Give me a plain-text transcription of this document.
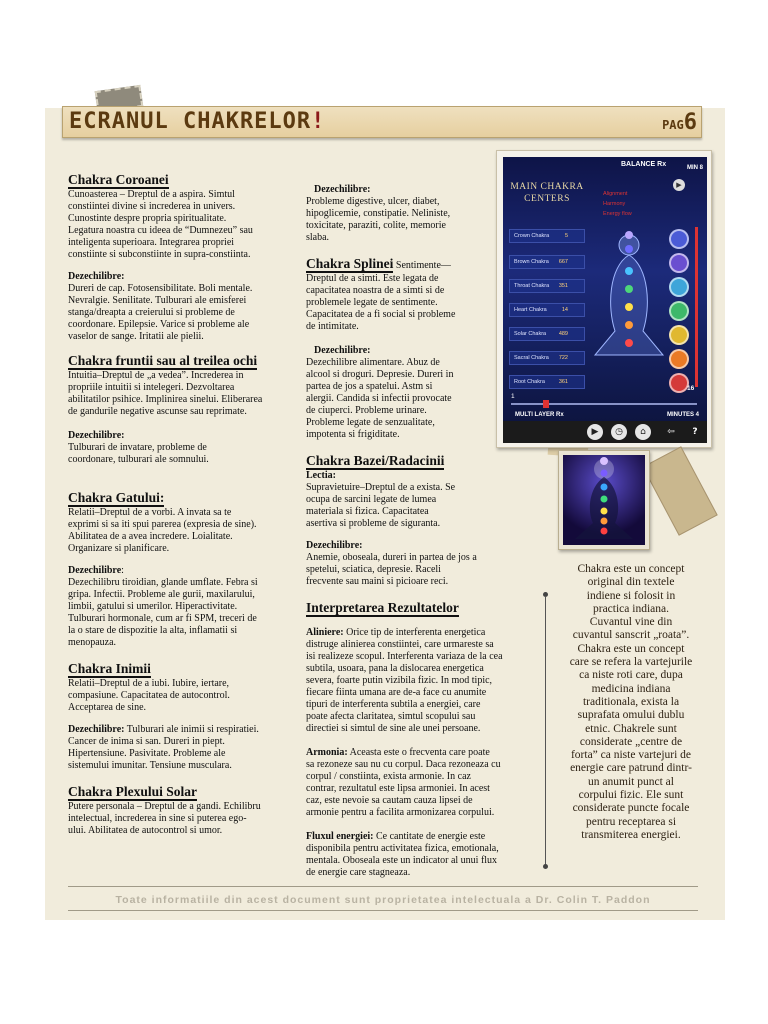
ECRANUL CHAKRELOR!	PAG6
Chakra Coroanei
Cunoasterea – Dreptul de a aspira. Simtul
constiintei divine si increderea in univers.
Cunostinte despre propria spiritualitate.
Legatura noastra cu ideea de “Dumnezeu” sau
inteligenta superioara. Integrarea propriei
constiinte si subconstiinte in supra-constiinta.
Dezechilibre:
Dureri de cap. Fotosensibilitate. Boli mentale.
Nevralgie. Senilitate. Tulburari ale emisferei
stanga/dreapta a creierului si probleme de
coordonare. Epilepsie. Varice si probleme ale
vaselor de sange. Iritatii ale pielii.
Chakra fruntii sau al treilea ochi
Intuitia–Dreptul de „a vedea”. Increderea in
propriile intuitii si intelegeri. Dezvoltarea
abilitatilor psihice. Implinirea sinelui. Eliberarea
de gandurile negative ascunse sau reprimate.
Dezechilibre:
Tulburari de invatare, probleme de
coordonare, tulburari ale somnului.
Chakra Gatului:
Relatii–Dreptul de a vorbi. A invata sa te
exprimi si sa iti spui parerea (expresia de sine).
Abilitatea de a avea incredere. Loialitate.
Organizare si planificare.
Dezechilibre:
Dezechilibru tiroidian, glande umflate. Febra si
gripa. Infectii. Probleme ale gurii, maxilarului,
limbii, gatului si umerilor. Hiperactivitate.
Tulburari hormonale, cum ar fi SPM, treceri de
la o stare de dispozitie la alta, inflamatii si
menopauza.
Chakra Inimii
Relatii–Dreptul de a iubi. Iubire, iertare,
compasiune. Capacitatea de autocontrol.
Acceptarea de sine.
Dezechilibre: Tulburari ale inimii si respiratiei.
Cancer de inima si san. Dureri in piept.
Hipertensiune. Pasivitate. Probleme ale
sistemului imunitar. Tensiune musculara.
Chakra Plexului Solar
Putere personala – Dreptul de a gandi. Echilibru
intelectual, increderea in sine si puterea ego-
ului. Abilitatea de autocontrol si umor.
Dezechilibre:
Probleme digestive, ulcer, diabet,
hipoglicemie, constipatie. Neliniste,
toxicitate, paraziti, colite, memorie
slaba.
Chakra Splinei Sentimente—
Dreptul de a simti. Este legata de
capacitatea noastra de a simti si de
problemele legate de sentimente.
Capacitatea de a fi social si probleme
de intimitate.
Dezechilibre:
Dezechilibre alimentare. Abuz de
alcool si droguri. Depresie. Dureri in
partea de jos a spatelui. Astm si
alergii. Candida si infectii provocate
de ciuperci. Probleme urinare.
Probleme legate de senzualitate,
impotenta si frigiditate.
Chakra Bazei/Radacinii
Lectia:
Supravietuire–Dreptul de a exista. Se
ocupa de sarcini legate de lumea
materiala si fizica. Capacitatea
asertiva si probleme de siguranta.
Dezechilibre:
Anemie, oboseala, dureri in partea de jos a
spetelui, sciatica, depresie. Raceli
frecvente sau maini si picioare reci.
Interpretarea Rezultatelor
Aliniere: Orice tip de interferenta energetica
distruge alinierea constiintei, care urmareste sa
isi realizeze scopul. Interferenta variaza de la cea
subtila, usoara, pana la dislocarea energetica
severa, foarte putin vizibila fizic. In mod tipic,
fiecare fiinta umana are de-a face cu anumite
tipuri de interferenta subtila a energiei, care
poate afecta claritatea, simtul scopului sau
directiei si simtul de sine ale unei persoane.
Armonia: Aceasta este o frecventa care poate
sa rezoneze sau nu cu corpul. Daca rezoneaza cu
corpul / constiinta, exista armonie. In caz
contrar, rezultatul este lipsa armoniei. In acest
caz, este nevoie sa cautam cauza lipsei de
armonie pentru a facilita armonizarea corpului.
Fluxul energiei: Ce cantitate de energie este
disponibila pentru activitatea fizica, emotionala,
mentala. Oboseala este un indicator al unui flux
de energie care stagneaza.
BALANCE Rx	MIN 8
▶
Alignment
Harmony
Energy flow
MAIN CHAKRA
CENTERS
Crown Chakra	5
Brown Chakra 667
Throat Chakra 351
Heart Chakra	14
Solar Chakra 489
Sacral Chakra 722
Root Chakra	361
16
1
MULTI LAYER Rx	MINUTES 4
▶	◷	⌂	⇦	?
Chakra este un concept
original din textele
indiene si folosit in
practica indiana.
Cuvantul vine din
cuvantul sanscrit „roata”.
Chakra este un concept
care se refera la vartejurile
ca niste roti care, dupa
medicina indiana
traditionala, exista la
suprafata omului dublu
etnic. Chakrele sunt
considerate „centre de
forta” ca niste vartejuri de
energie care patrund dintr-
un anumit punct al
corpului fizic. Ele sunt
considerate puncte focale
pentru receptarea si
transmiterea energiei.
Toate informatiile din acest document sunt proprietatea intelectuala a Dr. Colin T. Paddon
